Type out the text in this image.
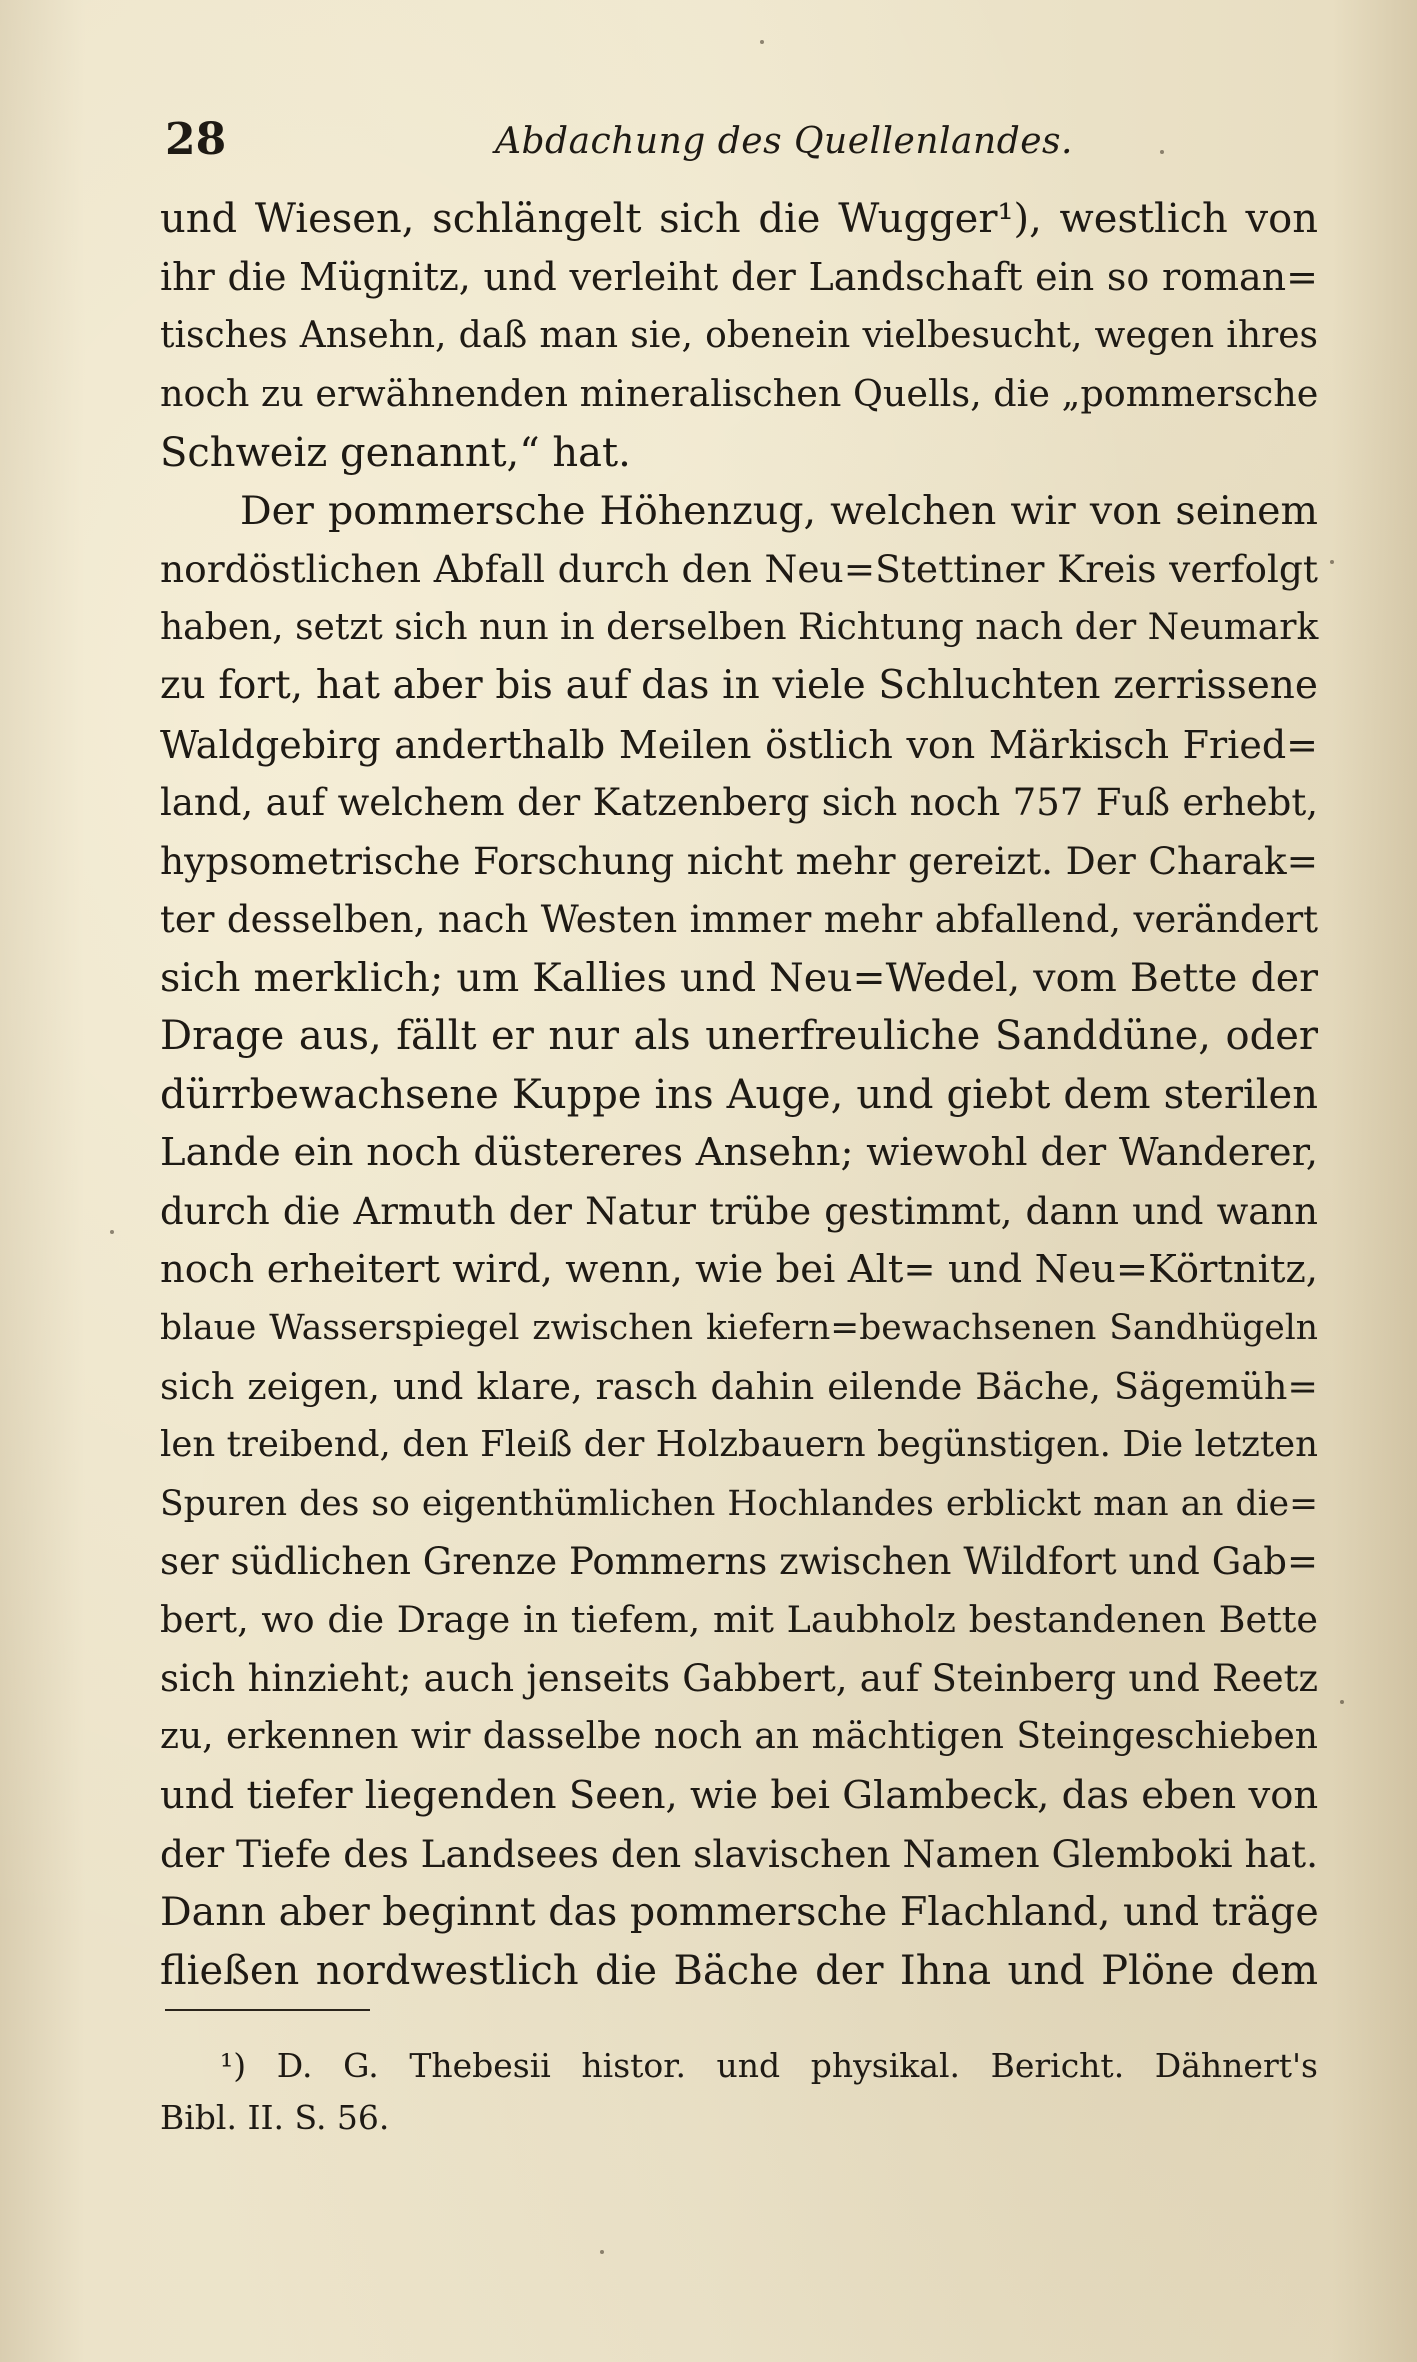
28	Abdachung des Quellenlandes.
und Wiesen, schlängelt sich die Wugger¹), westlich von
ihr die Mügnitz, und verleiht der Landschaft ein so roman=
tisches Ansehn, daß man sie, obenein vielbesucht, wegen ihres
noch zu erwähnenden mineralischen Quells, die „pommersche
Schweiz genannt,“ hat.
Der pommersche Höhenzug, welchen wir von seinem
nordöstlichen Abfall durch den Neu=Stettiner Kreis verfolgt
haben, setzt sich nun in derselben Richtung nach der Neumark
zu fort, hat aber bis auf das in viele Schluchten zerrissene
Waldgebirg anderthalb Meilen östlich von Märkisch Fried=
land, auf welchem der Katzenberg sich noch 757 Fuß erhebt,
hypsometrische Forschung nicht mehr gereizt. Der Charak=
ter desselben, nach Westen immer mehr abfallend, verändert
sich merklich; um Kallies und Neu=Wedel, vom Bette der
Drage aus, fällt er nur als unerfreuliche Sanddüne, oder
dürrbewachsene Kuppe ins Auge, und giebt dem sterilen
Lande ein noch düstereres Ansehn; wiewohl der Wanderer,
durch die Armuth der Natur trübe gestimmt, dann und wann
noch erheitert wird, wenn, wie bei Alt= und Neu=Körtnitz,
blaue Wasserspiegel zwischen kiefern=bewachsenen Sandhügeln
sich zeigen, und klare, rasch dahin eilende Bäche, Sägemüh=
len treibend, den Fleiß der Holzbauern begünstigen. Die letzten
Spuren des so eigenthümlichen Hochlandes erblickt man an die=
ser südlichen Grenze Pommerns zwischen Wildfort und Gab=
bert, wo die Drage in tiefem, mit Laubholz bestandenen Bette
sich hinzieht; auch jenseits Gabbert, auf Steinberg und Reetz
zu, erkennen wir dasselbe noch an mächtigen Steingeschieben
und tiefer liegenden Seen, wie bei Glambeck, das eben von
der Tiefe des Landsees den slavischen Namen Glemboki hat.
Dann aber beginnt das pommersche Flachland, und träge
fließen nordwestlich die Bäche der Ihna und Plöne dem
¹) D. G. Thebesii histor. und physikal. Bericht. Dähnert's
Bibl. II. S. 56.
